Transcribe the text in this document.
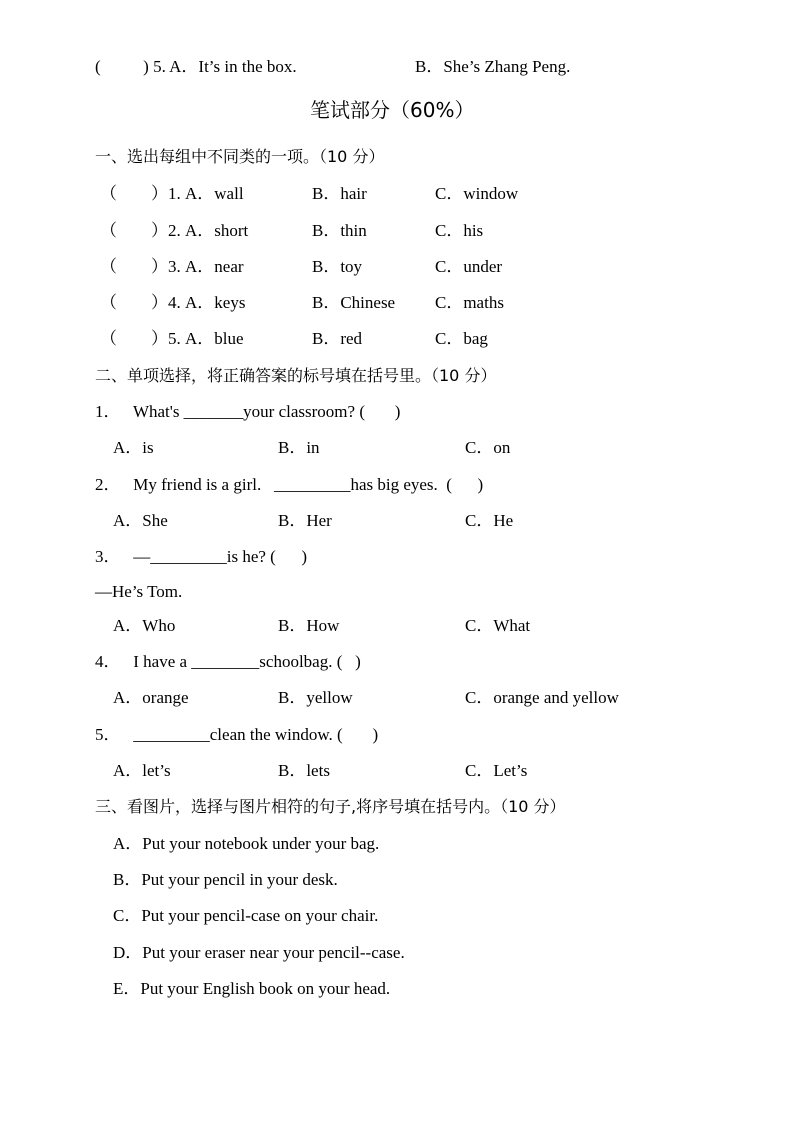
(          ) 5. A．It’s in the box.	B．She’s Zhang Peng.
笔试部分（60%）
一、选出每组中不同类的一项。（10 分）
（        ）1. A．wall	B．hair	C．window
（        ）2. A．short	B．thin	C．his
（        ）3. A．near	B．toy	C．under
（        ）4. A．keys	B．Chinese C．maths
（        ）5. A．blue	B．red	C．bag
二、单项选择，将正确答案的标号填在括号里。（10 分）
1．   What's _______your classroom? (       )
A．is	B．in	C．on
2．   My friend is a girl.   _________has big eyes.  (      )
A．She	B．Her	C．He
3．   —_________is he? (      )
—He’s Tom.
A．Who	B．How	C．What
4．   I have a ________schoolbag. (   )
A．orange	B．yellow	C．orange and yellow
5．   _________clean the window. (       )
A．let’s	B．lets	C．Let’s
三、看图片，选择与图片相符的句子,将序号填在括号内。（10 分）
A．Put your notebook under your bag.
B．Put your pencil in your desk.
C．Put your pencil-case on your chair.
D．Put your eraser near your pencil--case.
E．Put your English book on your head.
